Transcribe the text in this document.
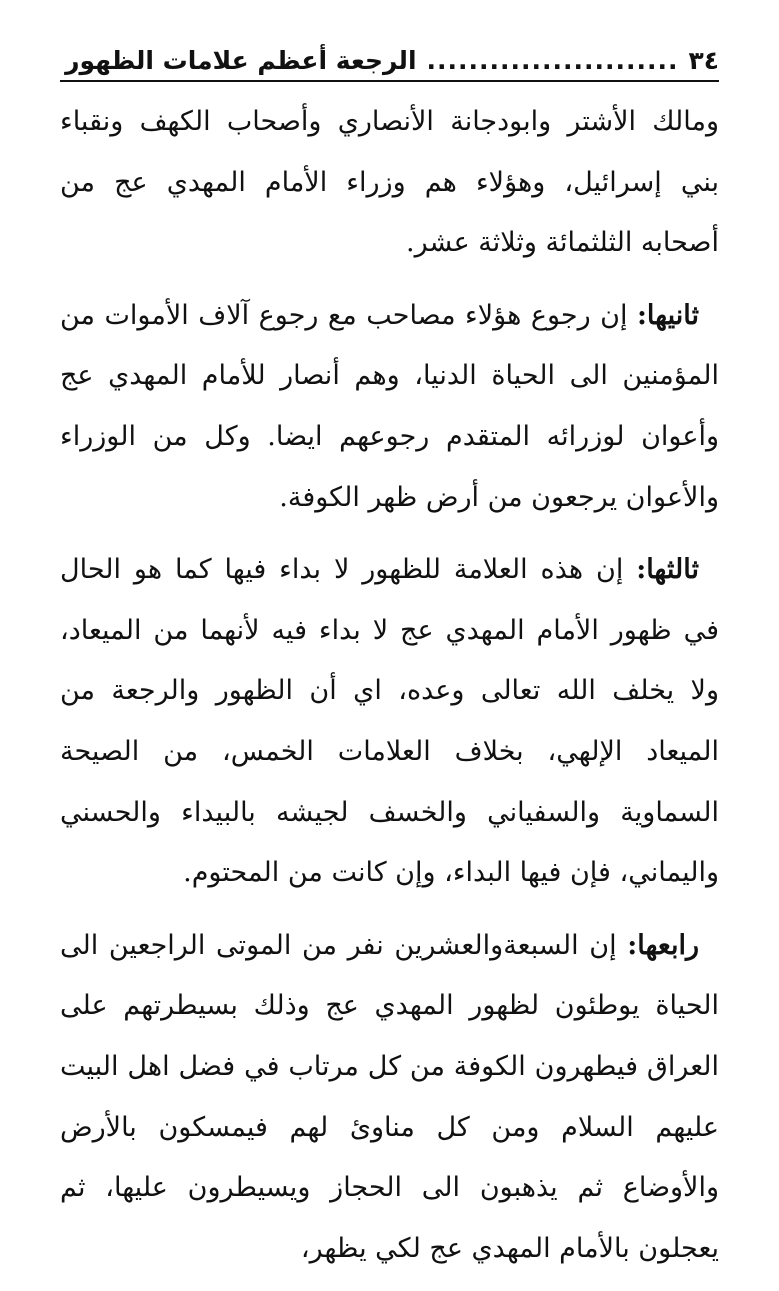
٣٤........................الرجعة أعظم علامات الظهور

ومالك الأشتر وابودجانة الأنصاري وأصحاب الكهف ونقباء بني إسرائيل، وهؤلاء هم وزراء الأمام المهدي عج من أصحابه الثلثمائة وثلاثة عشر.

ثانيها: إن رجوع هؤلاء مصاحب مع رجوع آلاف الأموات من المؤمنين الى الحياة الدنيا، وهم أنصار للأمام المهدي عج وأعوان لوزرائه المتقدم رجوعهم ايضا. وكل من الوزراء والأعوان يرجعون من أرض ظهر الكوفة.

ثالثها: إن هذه العلامة للظهور لا بداء فيها كما هو الحال في ظهور الأمام المهدي عج لا بداء فيه لأنهما من الميعاد، ولا يخلف الله تعالى وعده، اي أن الظهور والرجعة من الميعاد الإلهي، بخلاف العلامات الخمس، من الصيحة السماوية والسفياني والخسف لجيشه بالبيداء والحسني واليماني، فإن فيها البداء، وإن كانت من المحتوم.

رابعها: إن السبعةوالعشرين نفر من الموتى الراجعين الى الحياة يوطئون لظهور المهدي عج وذلك بسيطرتهم على العراق فيطهرون الكوفة من كل مرتاب في فضل اهل البيت عليهم السلام ومن كل مناوئ لهم فيمسكون بالأرض والأوضاع ثم يذهبون الى الحجاز ويسيطرون عليها، ثم يعجلون بالأمام المهدي عج لكي يظهر،
